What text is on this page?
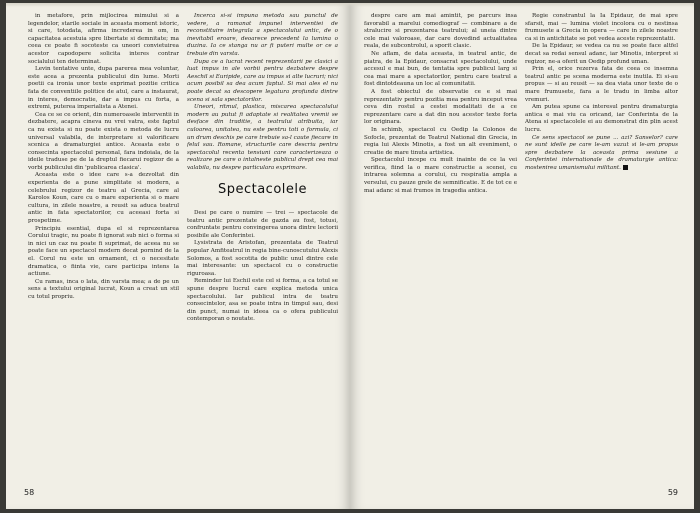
in metafore, prin mijlocirea mimului si a legendelor, starile sociale in aceasta moment istoric, si care, totodata, afirma increderea in om, in capacitatea acestuia spre libertate si demnitate; ma ceea ce poate fi socoteste ca uneori convietuirea acestor capodopere solicita interes contrar socialului ten determinat.

Levin tentative unte, dupa parerea mea voluntar, este acea a prezenta publicului din lume. Morti poetii ca ironia unor texte exprimat pozitie critica fata de conventiile politice de atul, care a instaurat, in interes, democratie, dar a impus cu forta, a extremi, puterea imperialista a Atenei.

Cea ce se ce orient, din numeroasele interventii in dezbatere, acapra cineva nu vrei vatra, este faptul ca nu exista si nu poate exista o metoda de lucru universal valabila, de interpretare si valorificare scenica a dramaturgiei antice. Aceasta este o consecinta spectacolul personal, fara indoiala, de la ideile traduse pe de la dreptul fiecarui regizor de a vorbi publicului din 'publicarea clasica'.

Aceasta este o idee care s-a dezvoltat din experienta de a pune simplitate si modern, a celebrului regizor de teatru al Grecia, care al Karolos Koun, care cu o mare experienta si o mare cultura, in zilele noastre, a reusit sa aduca teatrul antic in fata spectatorilor, cu aceeasi forta si prospetime.

Principiu esential, dupa el si reprezentarea Corului tragic, nu poate fi ignorat sub nici o forma si in nici un caz nu poate fi suprimat, de aceea nu se poate face un spectacol modern decat pornind de la el. Corul nu este un ornament, ci o necesitate dramatica, o fiinta vie, care participa intens la actiune.

Cu ramas, inca o lata, din varsta mea; a de pe un sens a textului original lucrat, Koun a creat un stil cu totul propriu.

Incerca si-si impuna metoda sau punctul de vedere, a ramanat impunel interventiei de reconstituire integrala a spectacolului antic, de o inevitabil eroare, deoarece precedent la lumina o duzina. Ia ce stanga nu ar fi puteri multe or ce a trebuie din varsta.

Dupa ce a lucrat recent reprezentarii pe clasici a luat impus in ale vorbii pentru dezbatere despre Aeschil si Euripide, care au impus si alte lucruri; nici acum posibil sa dea acum faptul. Si mai ales el nu poate decat sa descopere legatura profunda dintre scena si sala spectatorilor.

Uneori, ritmul, plastica, miscarea spectacolului modern au putut fi adaptate si realitatea vremii se desface din traditie, a teatrului atribuita, iar culoarea, unitatea, nu este pentru toti o formula, ci un drum deschis pe care trebuie sa-l caute fiecare in felul sau. Romane, structurile care descriu pentru spectacolul recenta tensiuni care caracterizeaza o realizare pe care o intalneste publicul drept cea mai valabila, nu despre particulara exprimare.

Spectacolele

Desi pe care o numire — trei — spectacole de teatru antic prezentate de gazda au fost, totusi, confruntate pentru convingerea unora dintre lectorii posibile ale Conferintei.

Lysistrata de Aristofan, prezentata de Teatrul popular Amfiteatrul in regia bine-cunoscutului Alexis Solomos, a fost socotita de public unul dintre cele mai interesante: un spectacol cu o constructie riguroasa.

Reminder lui Eschil este cel si forma, a ca totul se spune despre lucrul care explica metoda unica spectacolului. Iar publicul intra de teatru consecintelor, asa se poate intra in timpul sau, desi din punct, numai in ideea ca o ofera publicului contemporan o noutate.

58

despre care am mai amintit, pe parcurs insa favorabil a marelui comediograf — combinare a de stralucire si prezentarea teatrului; al uneia dintre cele mai valoroase, dar care dovedind actualitatea reala, de subcontrolul, a sporit clasic.

Ne aflam, de data aceasta, in teatrul antic, de piatra, de la Epidaur, consacrat spectacolului, unde accesul e mai bun, de tentatia spre publicul larg si cea mai mare a spectatorilor, pentru care teatrul a fost dintotdeauna un loc al comunitatii.

A fost obiectul de observatie ce e si mai reprezentativ pentru pozitia mea pentru inceput vrea ceva din rostul a cestei modalitati de a ce reprezentare care a dat din nou acestor texte forta lor originara.

In schimb, spectacol cu Oedip la Colonos de Sofocle, prezentat de Teatrul National din Grecia, in regia lui Alexis Minotis, a fost un alt eveniment, o creatie de mare tinuta artistica.

Spectacolul incepe cu mult inainte de ce la vei verifica, fiind la o mare constructie a scenei, cu intrarea solemna a corului, cu respiratia ampla a versului, cu pauze grele de semnificatie. E de tot ce e mai adanc si mai frumos in tragedia antica.

Regie constrantul la Ia Epidaur, de mai spre sfarsit, mai — lumina violet incolora cu o nestinsa frumusete a Grecia in opera — care in zilele noastre ca si in antichitate se pot vedea aceste reprezentatii.

De la Epidaur, se vedea ca nu se poate face altfel decat sa redai sensul adanc, iar Minotis, interpret si regizor, ne-a oferit un Oedip profund uman.

Prin el, orice rezerva fata de ceea ce insemna teatrul antic pe scena moderna este inutila. Ei si-au propus — si au reusit — sa dea viata unor texte de o mare frumusete, fara a le tradu in limba altor vremuri.

Am putea spune ca interesul pentru dramaturgia antica e mai viu ca oricand, iar Conferinta de la Atena si spectacolele ei au demonstrat din plin acest lucru.

Ce sens spectacol se pune ... azi? Sanselor? care ne sunt ideile pe care le-am vazut si le-am propus spre dezbatere la aceasta prima sesiune a Conferintei internationale de dramaturgie antica: mostenirea umanismului militant.

59
